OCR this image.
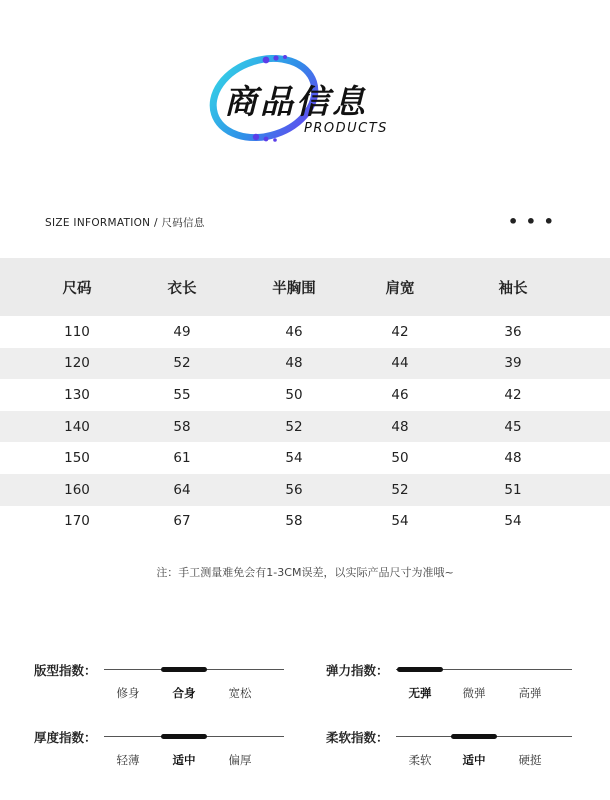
商品信息
PRODUCTS
SIZE INFORMATION / 尺码信息	• • •
尺码	衣长	半胸围	肩宽	袖长
110	49	46	42	36
120	52	48	44	39
130	55	50	46	42
140	58	52	48	45
150	61	54	50	48
160	64	56	52	51
170	67	58	54	54
注：手工测量难免会有1-3CM误差，以实际产品尺寸为准哦~
版型指数：
修身	合身	宽松
弹力指数：
无弹	微弹	高弹
厚度指数：
轻薄	适中	偏厚
柔软指数：
柔软	适中	硬挺
